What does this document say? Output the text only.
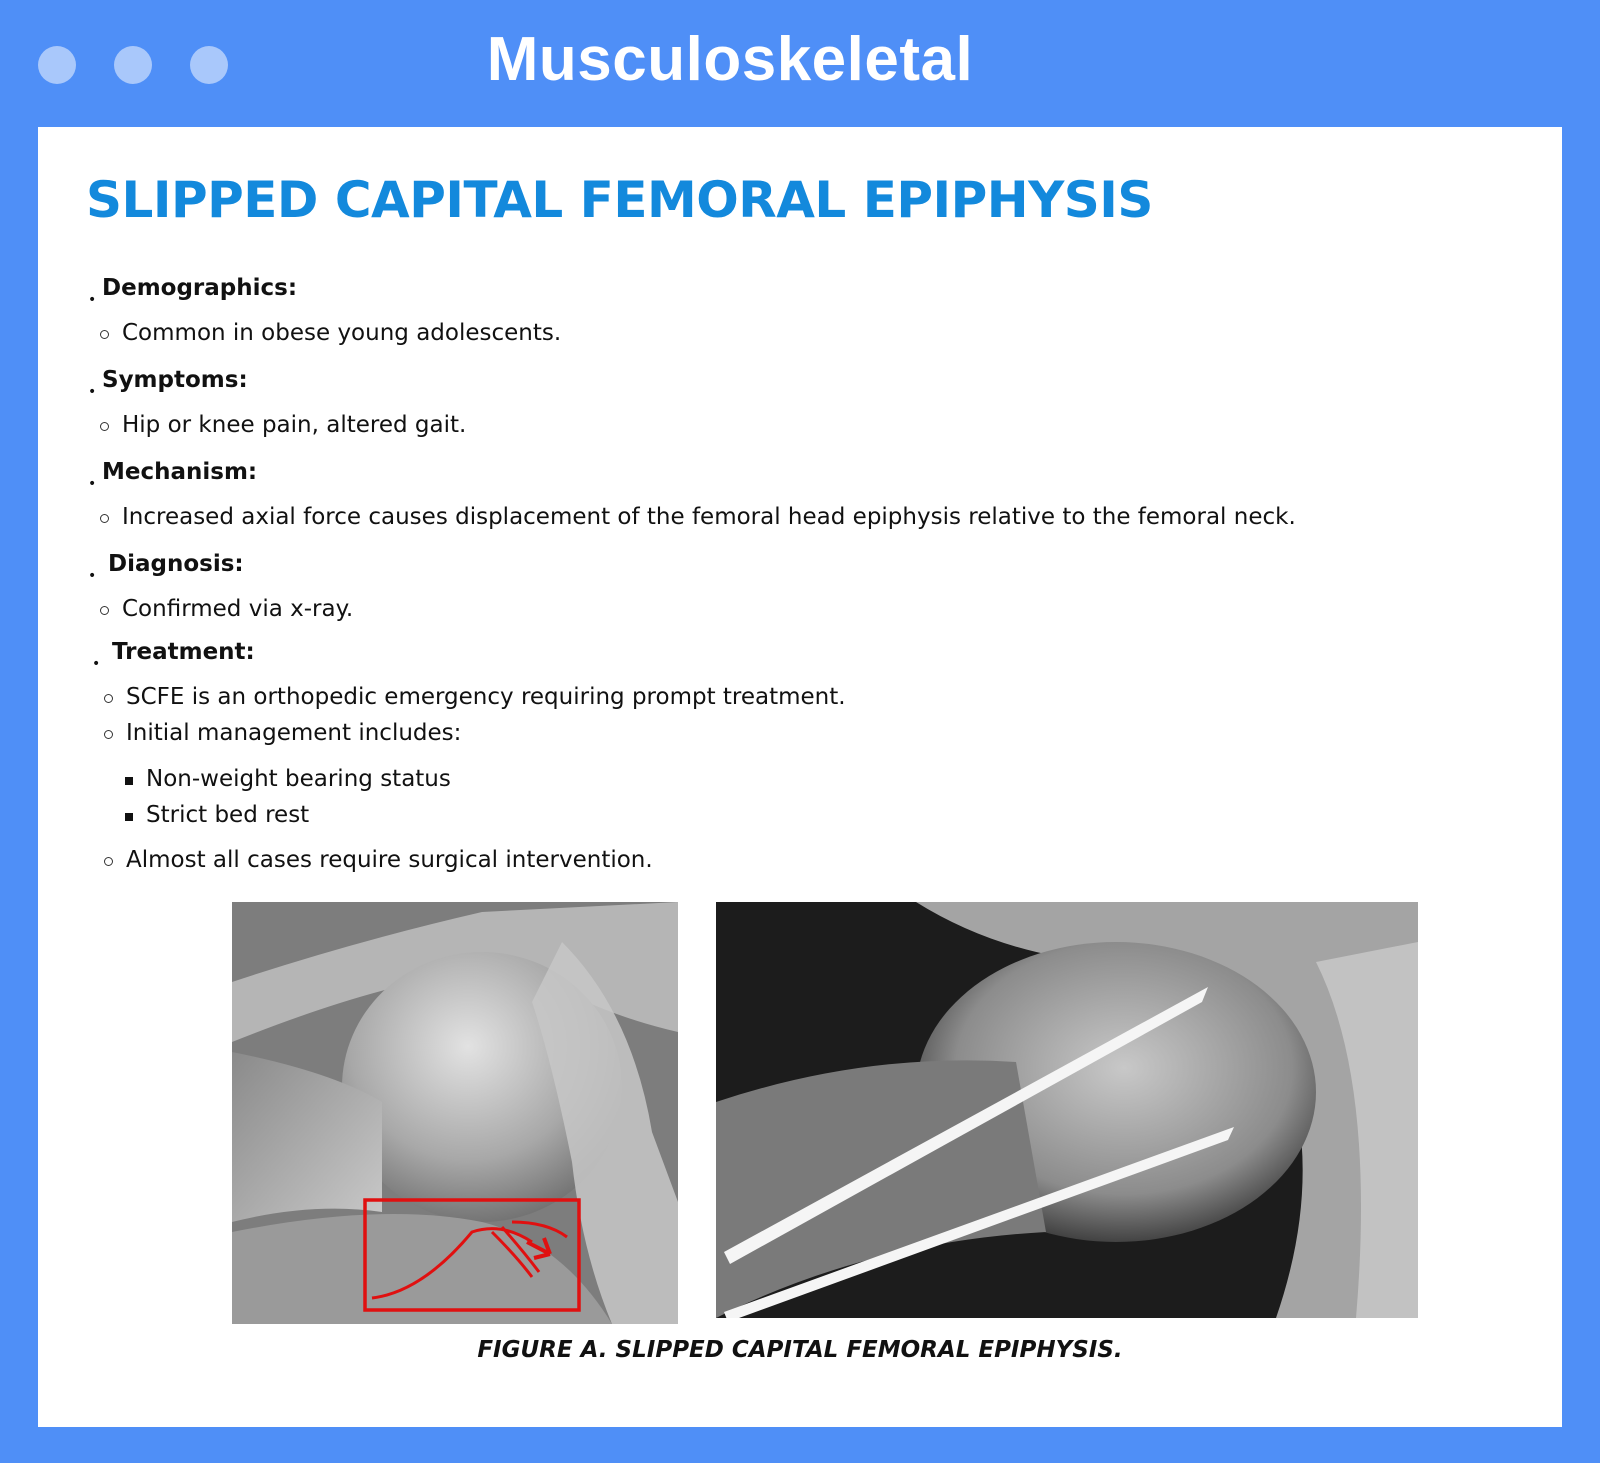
Musculoskeletal
SLIPPED CAPITAL FEMORAL EPIPHYSIS
• Demographics:
Common in obese young adolescents.
• Symptoms:
Hip or knee pain, altered gait.
• Mechanism:
Increased axial force causes displacement of the femoral head epiphysis relative to the femoral neck.
• Diagnosis:
Confirmed via x-ray.
• Treatment:
SCFE is an orthopedic emergency requiring prompt treatment.
Initial management includes:
Non-weight bearing status
Strict bed rest
Almost all cases require surgical intervention.
FIGURE A. SLIPPED CAPITAL FEMORAL EPIPHYSIS.
